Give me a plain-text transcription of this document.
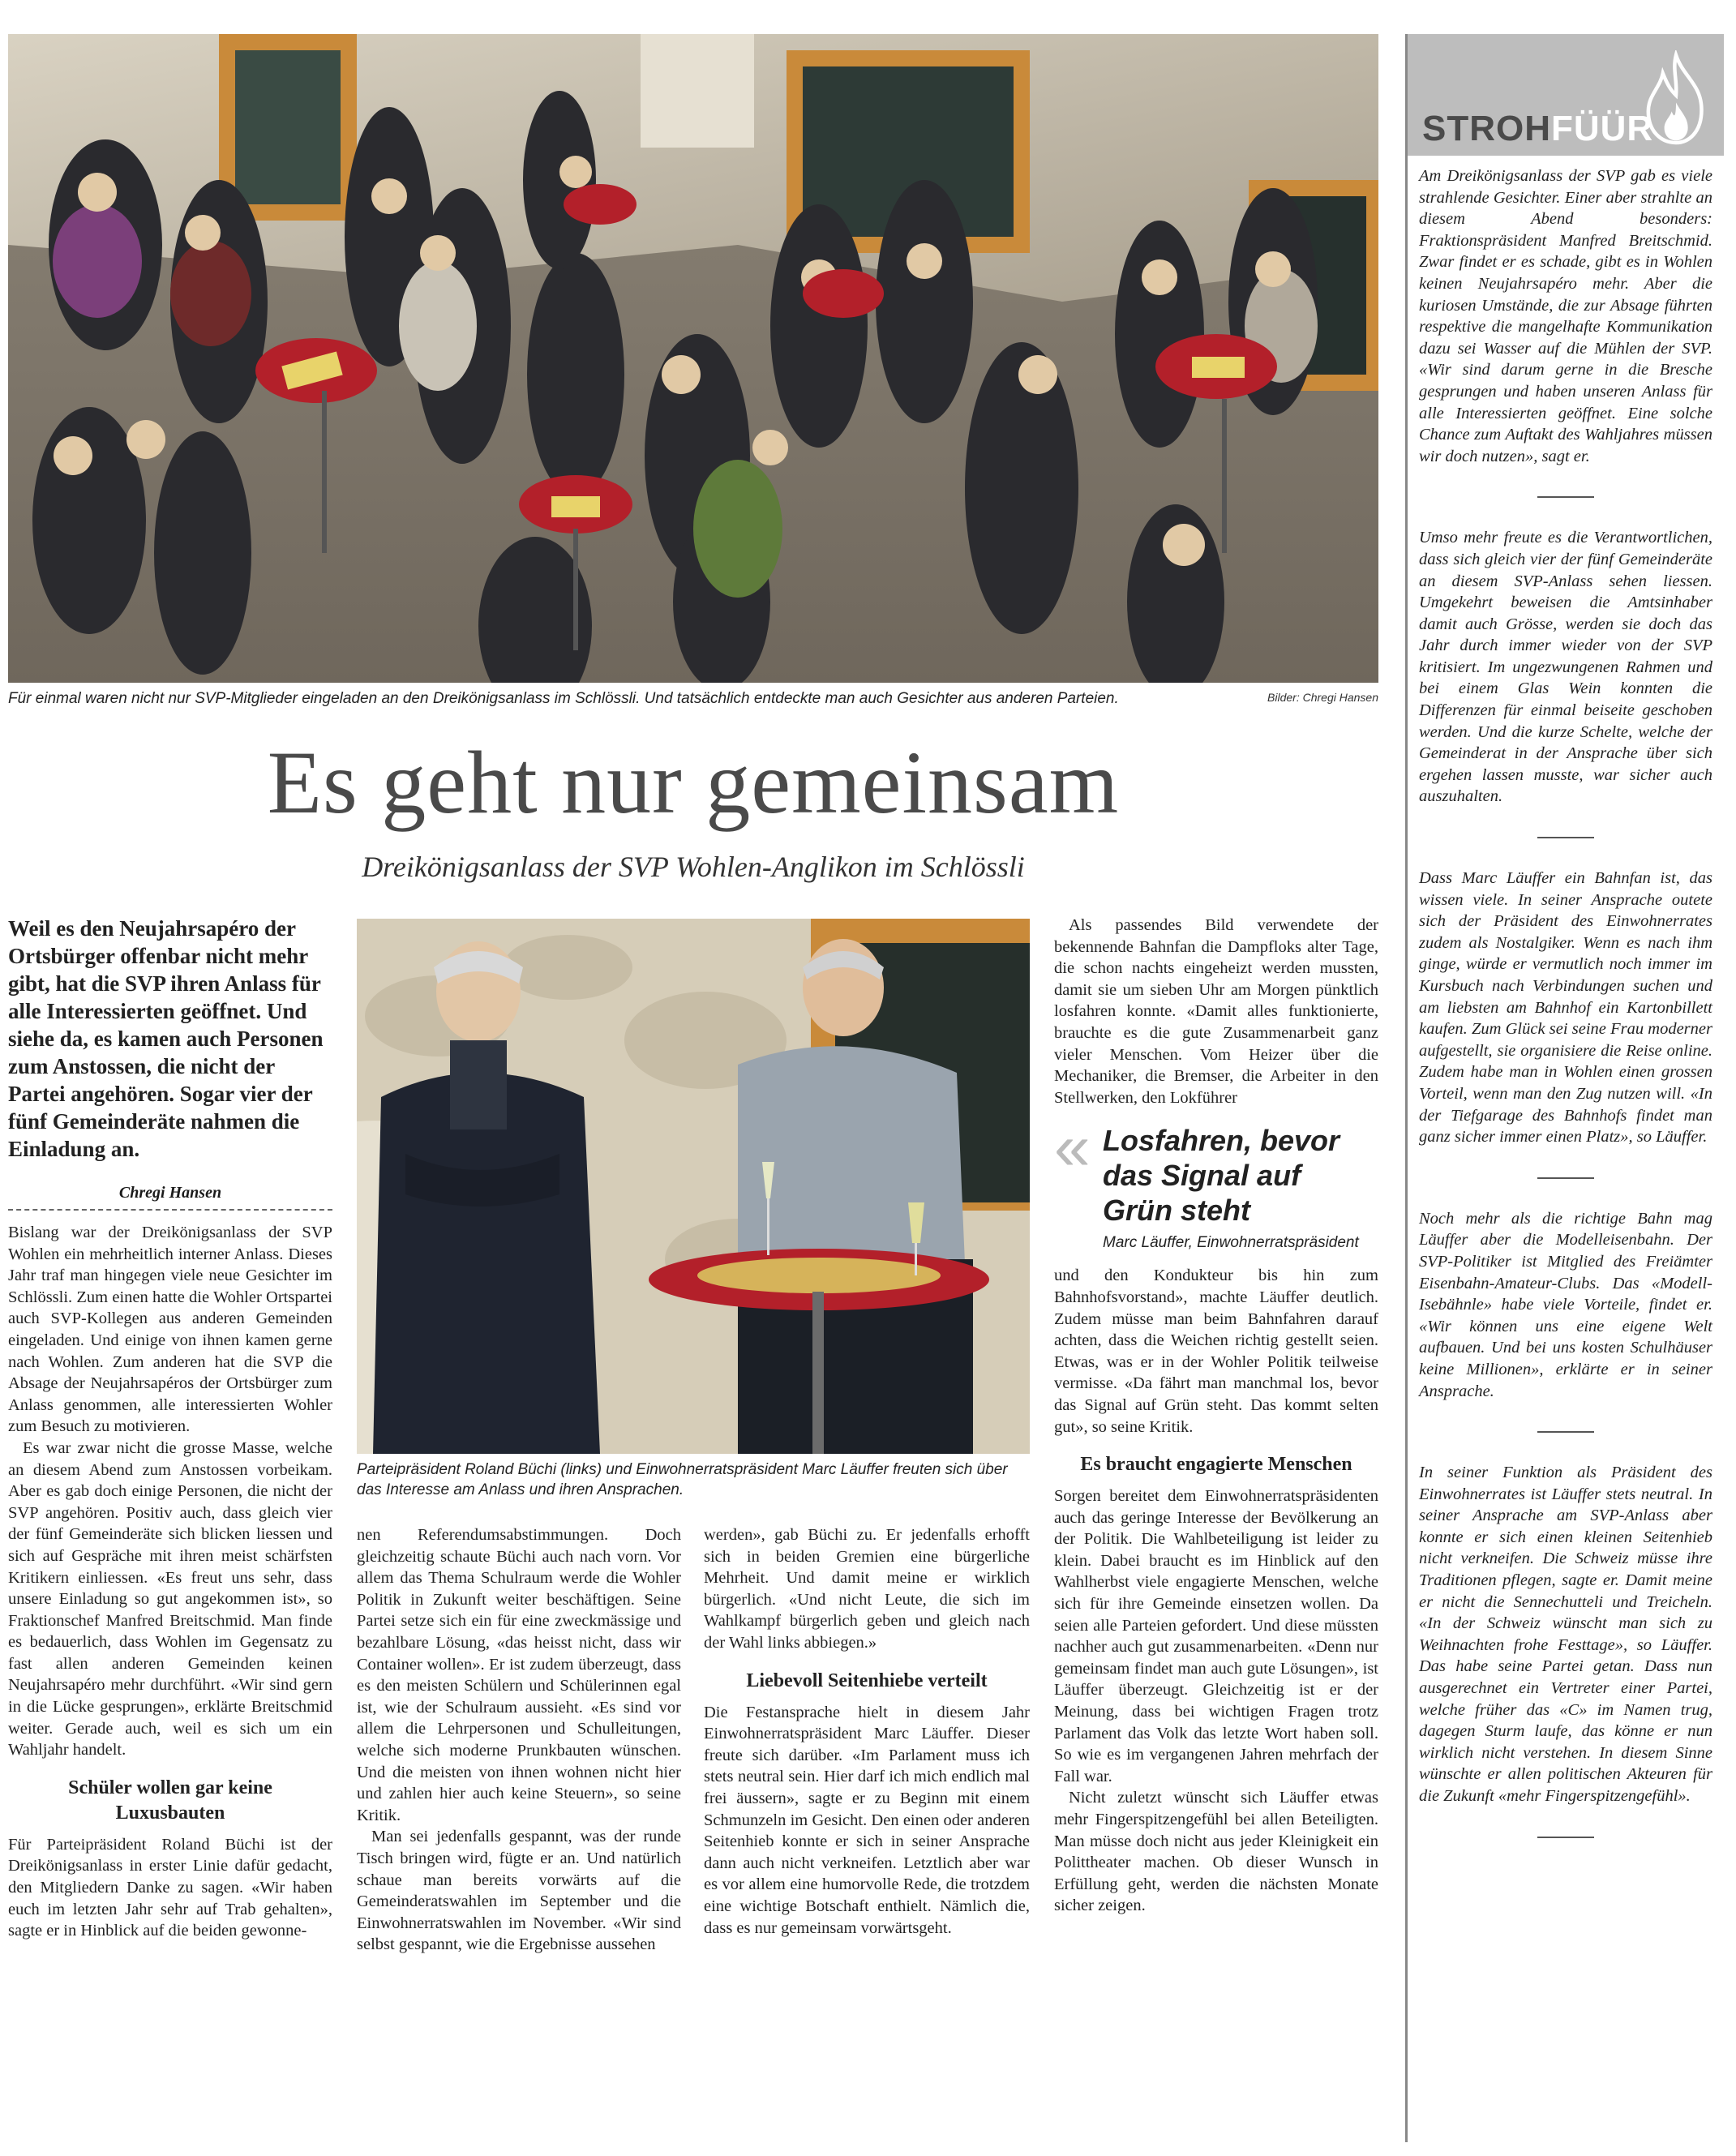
Für einmal waren nicht nur SVP-Mitglieder eingeladen an den Dreikönigsanlass im Schlössli. Und tatsächlich entdeckte man auch Gesichter aus anderen Parteien.	Bilder: Chregi Hansen
Es geht nur gemeinsam
Dreikönigsanlass der SVP Wohlen-Anglikon im Schlössli
Weil es den Neujahrsapéro der Ortsbürger offenbar nicht mehr gibt, hat die SVP ihren Anlass für alle Interessierten geöffnet. Und siehe da, es kamen auch Personen zum Anstossen, die nicht der Partei angehören. Sogar vier der fünf Gemeinderäte nahmen die Einladung an.
Chregi Hansen

Bislang war der Dreikönigsanlass der SVP Wohlen ein mehrheitlich interner Anlass. Dieses Jahr traf man hingegen viele neue Gesichter im Schlössli. Zum einen hatte die Wohler Ortspartei auch SVP-Kollegen aus anderen Gemeinden eingeladen. Und einige von ihnen kamen gerne nach Wohlen. Zum anderen hat die SVP die Absage der Neujahrsapéros der Ortsbürger zum Anlass genommen, alle interessierten Wohler zum Besuch zu motivieren.

Es war zwar nicht die grosse Masse, welche an diesem Abend zum Anstossen vorbeikam. Aber es gab doch einige Personen, die nicht der SVP angehören. Positiv auch, dass gleich vier der fünf Gemeinderäte sich blicken liessen und sich auf Gespräche mit ihren meist schärfsten Kritikern einliessen. «Es freut uns sehr, dass unsere Einladung so gut angekommen ist», so Fraktionschef Manfred Breitschmid. Man finde es bedauerlich, dass Wohlen im Gegensatz zu fast allen anderen Gemeinden keinen Neujahrsapéro mehr durchführt. «Wir sind gern in die Lücke gesprungen», erklärte Breitschmid weiter. Gerade auch, weil es sich um ein Wahljahr handelt.

Schüler wollen gar keine Luxusbauten

Für Parteipräsident Roland Büchi ist der Dreikönigsanlass in erster Linie dafür gedacht, den Mitgliedern Danke zu sagen. «Wir haben euch im letzten Jahr sehr auf Trab gehalten», sagte er in Hinblick auf die beiden gewonne-

Parteipräsident Roland Büchi (links) und Einwohnerratspräsident Marc Läuffer freuten sich über das Interesse am Anlass und ihren Ansprachen.

nen Referendumsabstimmungen. Doch gleichzeitig schaute Büchi auch nach vorn. Vor allem das Thema Schulraum werde die Wohler Politik in Zukunft weiter beschäftigen. Seine Partei setze sich ein für eine zweckmässige und bezahlbare Lösung, «das heisst nicht, dass wir Container wollen». Er ist zudem überzeugt, dass es den meisten Schülern und Schülerinnen egal ist, wie der Schulraum aussieht. «Es sind vor allem die Lehrpersonen und Schulleitungen, welche sich moderne Prunkbauten wünschen. Und die meisten von ihnen wohnen nicht hier und zahlen hier auch keine Steuern», so seine Kritik.

Man sei jedenfalls gespannt, was der runde Tisch bringen wird, fügte er an. Und natürlich schaue man bereits vorwärts auf die Gemeinderatswahlen im September und die Einwohnerratswahlen im November. «Wir sind selbst gespannt, wie die Ergebnisse aussehen

werden», gab Büchi zu. Er jedenfalls erhofft sich in beiden Gremien eine bürgerliche Mehrheit. Und damit meine er wirklich bürgerlich. «Und nicht Leute, die sich im Wahlkampf bürgerlich geben und gleich nach der Wahl links abbiegen.»

Liebevoll Seitenhiebe verteilt

Die Festansprache hielt in diesem Jahr Einwohnerratspräsident Marc Läuffer. Dieser freute sich darüber. «Im Parlament muss ich stets neutral sein. Hier darf ich mich endlich mal frei äussern», sagte er zu Beginn mit einem Schmunzeln im Gesicht. Den einen oder anderen Seitenhieb konnte er sich in seiner Ansprache dann auch nicht verkneifen. Letztlich aber war es vor allem eine humorvolle Rede, die trotzdem eine wichtige Botschaft enthielt. Nämlich die, dass es nur gemeinsam vorwärtsgeht.

Als passendes Bild verwendete der bekennende Bahnfan die Dampfloks alter Tage, die schon nachts eingeheizt werden mussten, damit sie um sieben Uhr am Morgen pünktlich losfahren konnte. «Damit alles funktionierte, brauchte es die gute Zusammenarbeit ganz vieler Menschen. Vom Heizer über die Mechaniker, die Bremser, die Arbeiter in den Stellwerken, den Lokführer

« Losfahren, bevor das Signal auf Grün steht
Marc Läuffer, Einwohnerratspräsident

und den Kondukteur bis hin zum Bahnhofsvorstand», machte Läuffer deutlich. Zudem müsse man beim Bahnfahren darauf achten, dass die Weichen richtig gestellt seien. Etwas, was er in der Wohler Politik teilweise vermisse. «Da fährt man manchmal los, bevor das Signal auf Grün steht. Das kommt selten gut», so seine Kritik.

Es braucht engagierte Menschen

Sorgen bereitet dem Einwohnerratspräsidenten auch das geringe Interesse der Bevölkerung an der Politik. Die Wahlbeteiligung ist leider zu klein. Dabei braucht es im Hinblick auf den Wahlherbst viele engagierte Menschen, welche sich für ihre Gemeinde einsetzen wollen. Da seien alle Parteien gefordert. Und diese müssten nachher auch gut zusammenarbeiten. «Denn nur gemeinsam findet man auch gute Lösungen», ist Läuffer überzeugt. Gleichzeitig ist er der Meinung, dass bei wichtigen Fragen trotz Parlament das Volk das letzte Wort haben soll. So wie es im vergangenen Jahren mehrfach der Fall war.

Nicht zuletzt wünscht sich Läuffer etwas mehr Fingerspitzengefühl bei allen Beteiligten. Man müsse doch nicht aus jeder Kleinigkeit ein Polittheater machen. Ob dieser Wunsch in Erfüllung geht, werden die nächsten Monate sicher zeigen.

STROHFÜÜR

Am Dreikönigsanlass der SVP gab es viele strahlende Gesichter. Einer aber strahlte an diesem Abend besonders: Fraktionspräsident Manfred Breitschmid. Zwar findet er es schade, gibt es in Wohlen keinen Neujahrsapéro mehr. Aber die kuriosen Umstände, die zur Absage führten respektive die mangelhafte Kommunikation dazu sei Wasser auf die Mühlen der SVP. «Wir sind darum gerne in die Bresche gesprungen und haben unseren Anlass für alle Interessierten geöffnet. Eine solche Chance zum Auftakt des Wahljahres müssen wir doch nutzen», sagt er.

Umso mehr freute es die Verantwortlichen, dass sich gleich vier der fünf Gemeinderäte an diesem SVP-Anlass sehen liessen. Umgekehrt beweisen die Amtsinhaber damit auch Grösse, werden sie doch das Jahr durch immer wieder von der SVP kritisiert. Im ungezwungenen Rahmen und bei einem Glas Wein konnten die Differenzen für einmal beiseite geschoben werden. Und die kurze Schelte, welche der Gemeinderat in der Ansprache über sich ergehen lassen musste, war sicher auch auszuhalten.

Dass Marc Läuffer ein Bahnfan ist, das wissen viele. In seiner Ansprache outete sich der Präsident des Einwohnerrates zudem als Nostalgiker. Wenn es nach ihm ginge, würde er vermutlich noch immer im Kursbuch nach Verbindungen suchen und am liebsten am Bahnhof ein Kartonbillett kaufen. Zum Glück sei seine Frau moderner aufgestellt, sie organisiere die Reise online. Zudem habe man in Wohlen einen grossen Vorteil, wenn man den Zug nutzen will. «In der Tiefgarage des Bahnhofs findet man ganz sicher immer einen Platz», so Läuffer.

Noch mehr als die richtige Bahn mag Läuffer aber die Modelleisenbahn. Der SVP-Politiker ist Mitglied des Freiämter Eisenbahn-Amateur-Clubs. Das «Modell-Isebähnle» habe viele Vorteile, findet er. «Wir können uns eine eigene Welt aufbauen. Und bei uns kosten Schulhäuser keine Millionen», erklärte er in seiner Ansprache.

In seiner Funktion als Präsident des Einwohnerrates ist Läuffer stets neutral. In seiner Ansprache am SVP-Anlass aber konnte er sich einen kleinen Seitenhieb nicht verkneifen. Die Schweiz müsse ihre Traditionen pflegen, sagte er. Damit meine er nicht die Sennechutteli und Treicheln. «In der Schweiz wünscht man sich zu Weihnachten frohe Festtage», so Läuffer. Das habe seine Partei getan. Dass nun ausgerechnet ein Vertreter einer Partei, welche früher das «C» im Namen trug, dagegen Sturm laufe, das könne er nun wirklich nicht verstehen. In diesem Sinne wünschte er allen politischen Akteuren für die Zukunft «mehr Fingerspitzengefühl».
